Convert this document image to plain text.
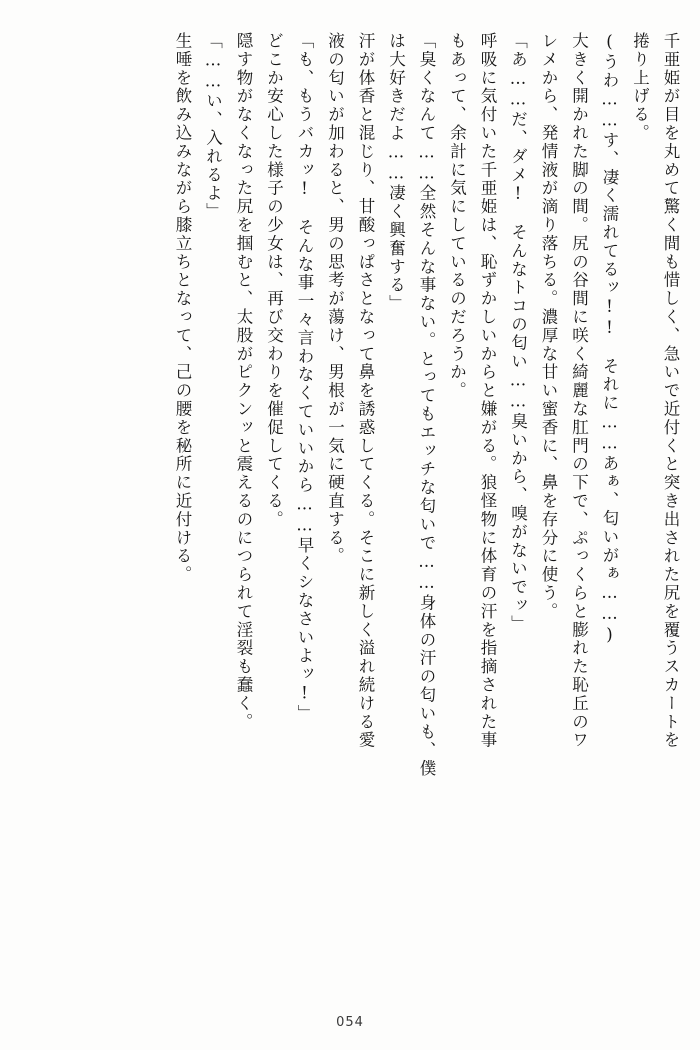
千亜姫が目を丸めて驚く間も惜しく、急いで近付くと突き出された尻を覆うスカートを
捲り上げる。
(うわ……す、凄く濡れてるッ!!　それに……あぁ、匂いがぁ……)
大きく開かれた脚の間。尻の谷間に咲く綺麗な肛門の下で、ぷっくらと膨れた恥丘のワ
レメから、発情液が滴り落ちる。濃厚な甘い蜜香に、鼻を存分に使う。
「あ……だ、ダメ!　そんなトコの匂い……臭いから、嗅がないでッ」
呼吸に気付いた千亜姫は、恥ずかしいからと嫌がる。狼怪物に体育の汗を指摘された事
もあって、余計に気にしているのだろうか。
「臭くなんて……全然そんな事ない。とってもエッチな匂いで……身体の汗の匂いも、僕
は大好きだよ……凄く興奮する」
汗が体香と混じり、甘酸っぱさとなって鼻を誘惑してくる。そこに新しく溢れ続ける愛
液の匂いが加わると、男の思考が蕩け、男根が一気に硬直する。
「も、もうバカッ!　そんな事一々言わなくていいから……早くシなさいよッ!」
どこか安心した様子の少女は、再び交わりを催促してくる。
隠す物がなくなった尻を掴むと、太股がピクンッと震えるのにつられて淫裂も蠢く。
「……い、入れるよ」
生唾を飲み込みながら膝立ちとなって、己の腰を秘所に近付ける。
054
